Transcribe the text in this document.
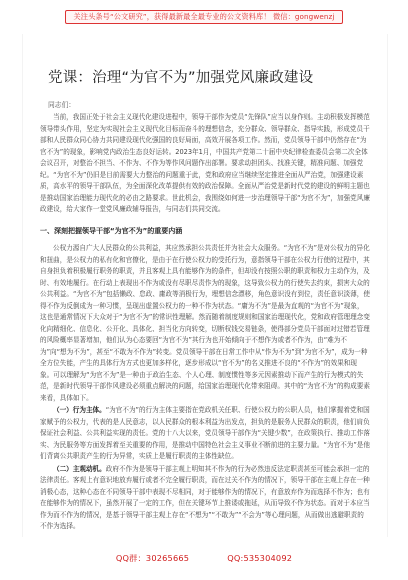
关注头条号“公文研究”，获得最新最全最专业的公文资料库！ 微信：gongwenzj
党课：治理“为官不为”加强党风廉政建设
同志们：

当前，我国正处于社会主义现代化建设进程中，领导干部作为党员“先锋队”应当以身作则。主动积极发挥模范领导带头作用，坚定为实现社会主义现代化目标而奋斗的理想信念，充分群众、领导群众、指导实践，形成党员干部和人民群众同心协力共同建设现代化强国的良好局面，高效开展各项工作。然而，党员领导干部中仍然存在“为官不为”的现象，影响党内政治生态良好运转。2023年1月，中国共产党第二十届中央纪律检查委员会第二次全体会议召开，对整治不担当、不作为、不作为等作风问题作出部署。要求动担团头、找准关键，精准问题、加强党纪。“为官不为”仍旧是目前需要大力整治的问题重于此，党和政府应当继续坚定推进全面从严治党，加强建设素质，高水平的领导干部队伍，为全面深化改革提供有效的政治保障。全面从严治党是新时代党的建设的鲜明主题也是推动国家治理能力现代化的必由之路要求。世此机会，我围绕如何进一步治理领导干部“为官不为”，加强党风廉政建设，给大家作一堂党风廉政辅导报告，与同志们共同交流。

一、深刻把握领导干部“为官不为”的重要内涵

公权力源自广大人民群众的公共利益，其应然承担公共责任并为社会大众服务。“为官不为”是对公权力的异化和扭曲，是公权力的私有化和官僚化，是由于在行使公权力的受托行为，意指领导干部在公权力行使的过程中，其自身担负着积极履行职务的职责，并且客观上具有能够作为的条件，但却没有按照公职的职责和权力主动作为，及时、有效地履行。在行动上表现出不作为或没有尽职尽责作为的现象，这导致公权力的行使失去约束，损害大众的公共利益。“为官不为”包括懒政、怠政、庸政等消极行为，埋想信念漂移，角色意识没有到位，责任意识淡薄，使得不作为反倒成为一种习惯，呈现出虚置公权力的一种不作为状态。“庸为不为”是最为直观的“为官不为”现象，这也是通常情况下大众对于“为官不为”的常识性理解。然而随着制度规则和国家治理现代化，党和政府管理理念变化向精细化、信息化、公开化、具体化、担当化方向转变，切断权钱交易链条，使得部分党员干部面对过错若管理的风险概率显著增加，他们认为心态要回“为官不为”其行为也开始倾向于不想作为或者不作为，由“难为不为”向“想为不为”，甚至“不敢为不作为”转变。党员领导干部在日常工作中从“作为不为”到“为官不为”，成为一种全方位失能，产生的具体行为方式也更加多样化，逐步形成以“官不为”的名义推进不良的“不作为”的效果和现象。可以理解为“为官不为”是一种由于政治生态、个人心理、制度惯性等多元因素推动下而产生的行为模式的失范，是新时代领导干部作风建设必须重点解决的问题，给国家治理现代化带来阻碍。其中的“为官不为”的构成要素来看，具体如下。

（一）行为主体。“为官不为”的行为主体主要指在党政机关任职、行使公权力的公职人员，他们掌握着党和国家赋予的公权力，代表的是人民意志，以人民群众的根本利益为出发点，担负的是服务人民群众的职责，他们肩负保证社会利益、公共利益实现的责任。党的十八大以来，党员领导干部作为“关键少数”，在政策执行、推动工作落实、为民服务等方面发挥着至关重要的作用，是推动中国特色社会主义事业不断前进的主要力量。“为官不为”是他们背离公共职责产生的行为异常，实质上是履行职责的主体性缺位。

（二）主观动机。政府不作为是领导干部主观上明知其不作为的行为必然违反法定职责甚至可能会承担一定的法律责任。客观上有意识地放弃履行或者不完全履行职责，而在过关不作为的情况下，领导干部在主观上存在一种消极心态，这种心态在不同领导干部中表现不尽相同，对于能够作为的情况下，有意放弃作为而选择不作为；也有在能够作为的情况下，虽然开展了一定的工作，但在关键环节上推诿或拖延，从而导致不作为状态。而对于本应当作为而不作为的情况，是基于领导干部主观上存在“不想为”“不敢为”“不会为”等心理问题，从而做出逃避职责的不作为选择。

QQ群：30265665	QQ:535304092
